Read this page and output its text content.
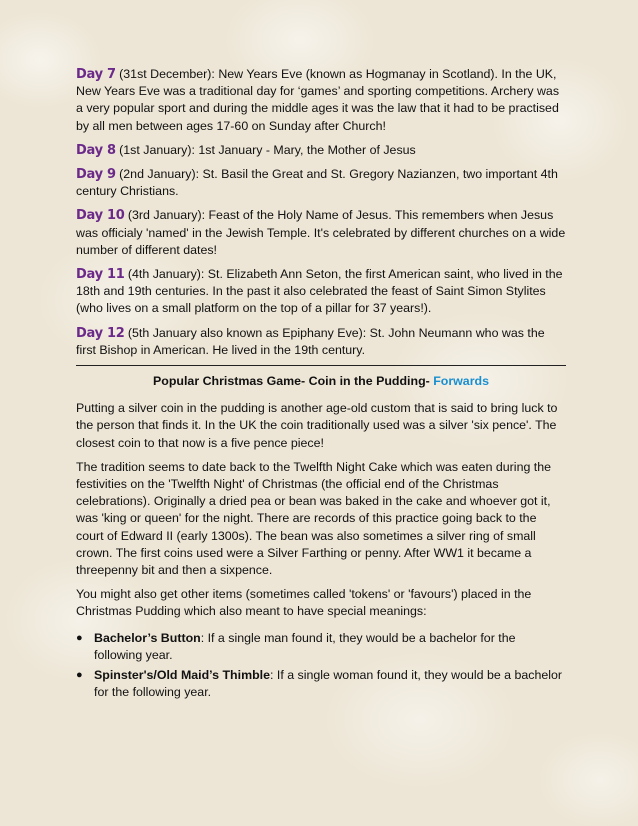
Day 7 (31st December): New Years Eve (known as Hogmanay in Scotland). In the UK, New Years Eve was a traditional day for ‘games’ and sporting competitions. Archery was a very popular sport and during the middle ages it was the law that it had to be practised by all men between ages 17-60 on Sunday after Church!

Day 8 (1st January): 1st January - Mary, the Mother of Jesus

Day 9 (2nd January): St. Basil the Great and St. Gregory Nazianzen, two important 4th century Christians.

Day 10 (3rd January): Feast of the Holy Name of Jesus. This remembers when Jesus was officialy 'named' in the Jewish Temple. It's celebrated by different churches on a wide number of different dates!

Day 11 (4th January): St. Elizabeth Ann Seton, the first American saint, who lived in the 18th and 19th centuries. In the past it also celebrated the feast of Saint Simon Stylites (who lives on a small platform on the top of a pillar for 37 years!).

Day 12 (5th January also known as Epiphany Eve): St. John Neumann who was the first Bishop in American. He lived in the 19th century.

Popular Christmas Game- Coin in the Pudding- Forwards

Putting a silver coin in the pudding is another age-old custom that is said to bring luck to the person that finds it. In the UK the coin traditionally used was a silver 'six pence'. The closest coin to that now is a five pence piece!

The tradition seems to date back to the Twelfth Night Cake which was eaten during the festivities on the 'Twelfth Night' of Christmas (the official end of the Christmas celebrations). Originally a dried pea or bean was baked in the cake and whoever got it, was 'king or queen' for the night. There are records of this practice going back to the court of Edward II (early 1300s). The bean was also sometimes a silver ring of small crown. The first coins used were a Silver Farthing or penny. After WW1 it became a threepenny bit and then a sixpence.

You might also get other items (sometimes called 'tokens' or 'favours') placed in the Christmas Pudding which also meant to have special meanings:

● Bachelor’s Button: If a single man found it, they would be a bachelor for the following year.
● Spinster's/Old Maid’s Thimble: If a single woman found it, they would be a bachelor for the following year.
